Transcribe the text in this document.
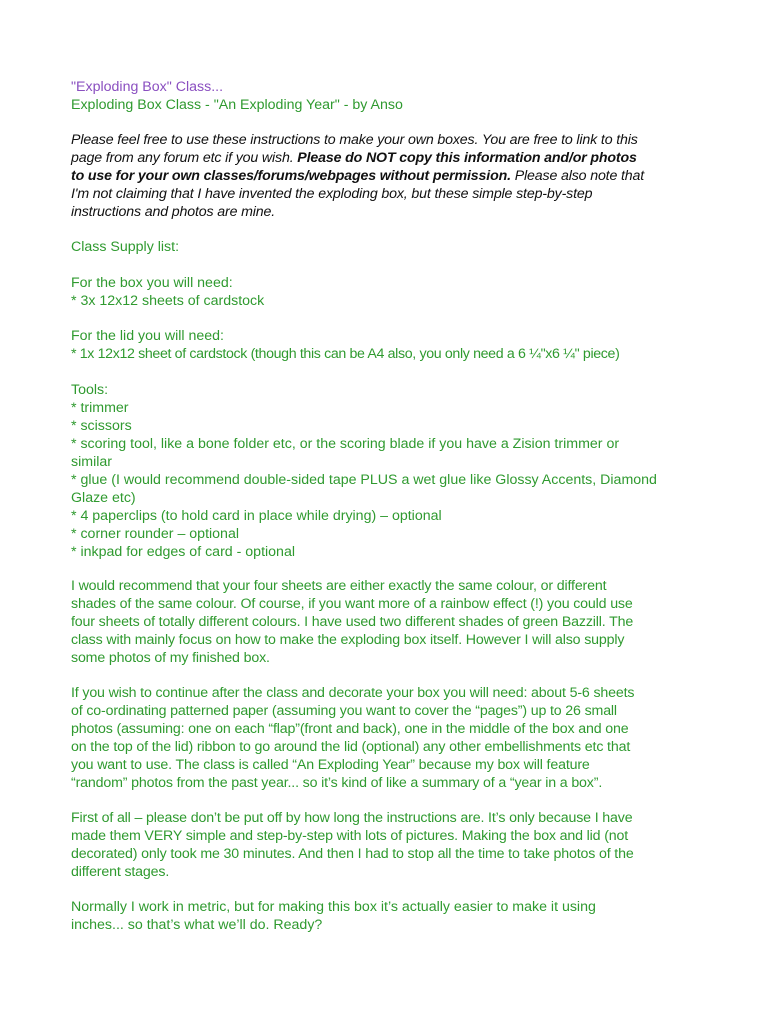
"Exploding Box" Class...
Exploding Box Class - "An Exploding Year" - by Anso
Please feel free to use these instructions to make your own boxes. You are free to link to this
page from any forum etc if you wish. Please do NOT copy this information and/or photos
to use for your own classes/forums/webpages without permission. Please also note that
I'm not claiming that I have invented the exploding box, but these simple step-by-step
instructions and photos are mine.
Class Supply list:
For the box you will need:
* 3x 12x12 sheets of cardstock
For the lid you will need:
* 1x 12x12 sheet of cardstock (though this can be A4 also, you only need a 6 ¼"x6 ¼" piece)
Tools:
* trimmer
* scissors
* scoring tool, like a bone folder etc, or the scoring blade if you have a Zision trimmer or
similar
* glue (I would recommend double-sided tape PLUS a wet glue like Glossy Accents, Diamond
Glaze etc)
* 4 paperclips (to hold card in place while drying) – optional
* corner rounder – optional
* inkpad for edges of card - optional
I would recommend that your four sheets are either exactly the same colour, or different
shades of the same colour. Of course, if you want more of a rainbow effect (!) you could use
four sheets of totally different colours. I have used two different shades of green Bazzill. The
class with mainly focus on how to make the exploding box itself. However I will also supply
some photos of my finished box.
If you wish to continue after the class and decorate your box you will need: about 5-6 sheets
of co-ordinating patterned paper (assuming you want to cover the “pages”) up to 26 small
photos (assuming: one on each “flap”(front and back), one in the middle of the box and one
on the top of the lid) ribbon to go around the lid (optional) any other embellishments etc that
you want to use. The class is called “An Exploding Year” because my box will feature
“random” photos from the past year... so it’s kind of like a summary of a “year in a box”.
First of all – please don’t be put off by how long the instructions are. It’s only because I have
made them VERY simple and step-by-step with lots of pictures. Making the box and lid (not
decorated) only took me 30 minutes. And then I had to stop all the time to take photos of the
different stages.
Normally I work in metric, but for making this box it’s actually easier to make it using
inches... so that’s what we’ll do. Ready?
